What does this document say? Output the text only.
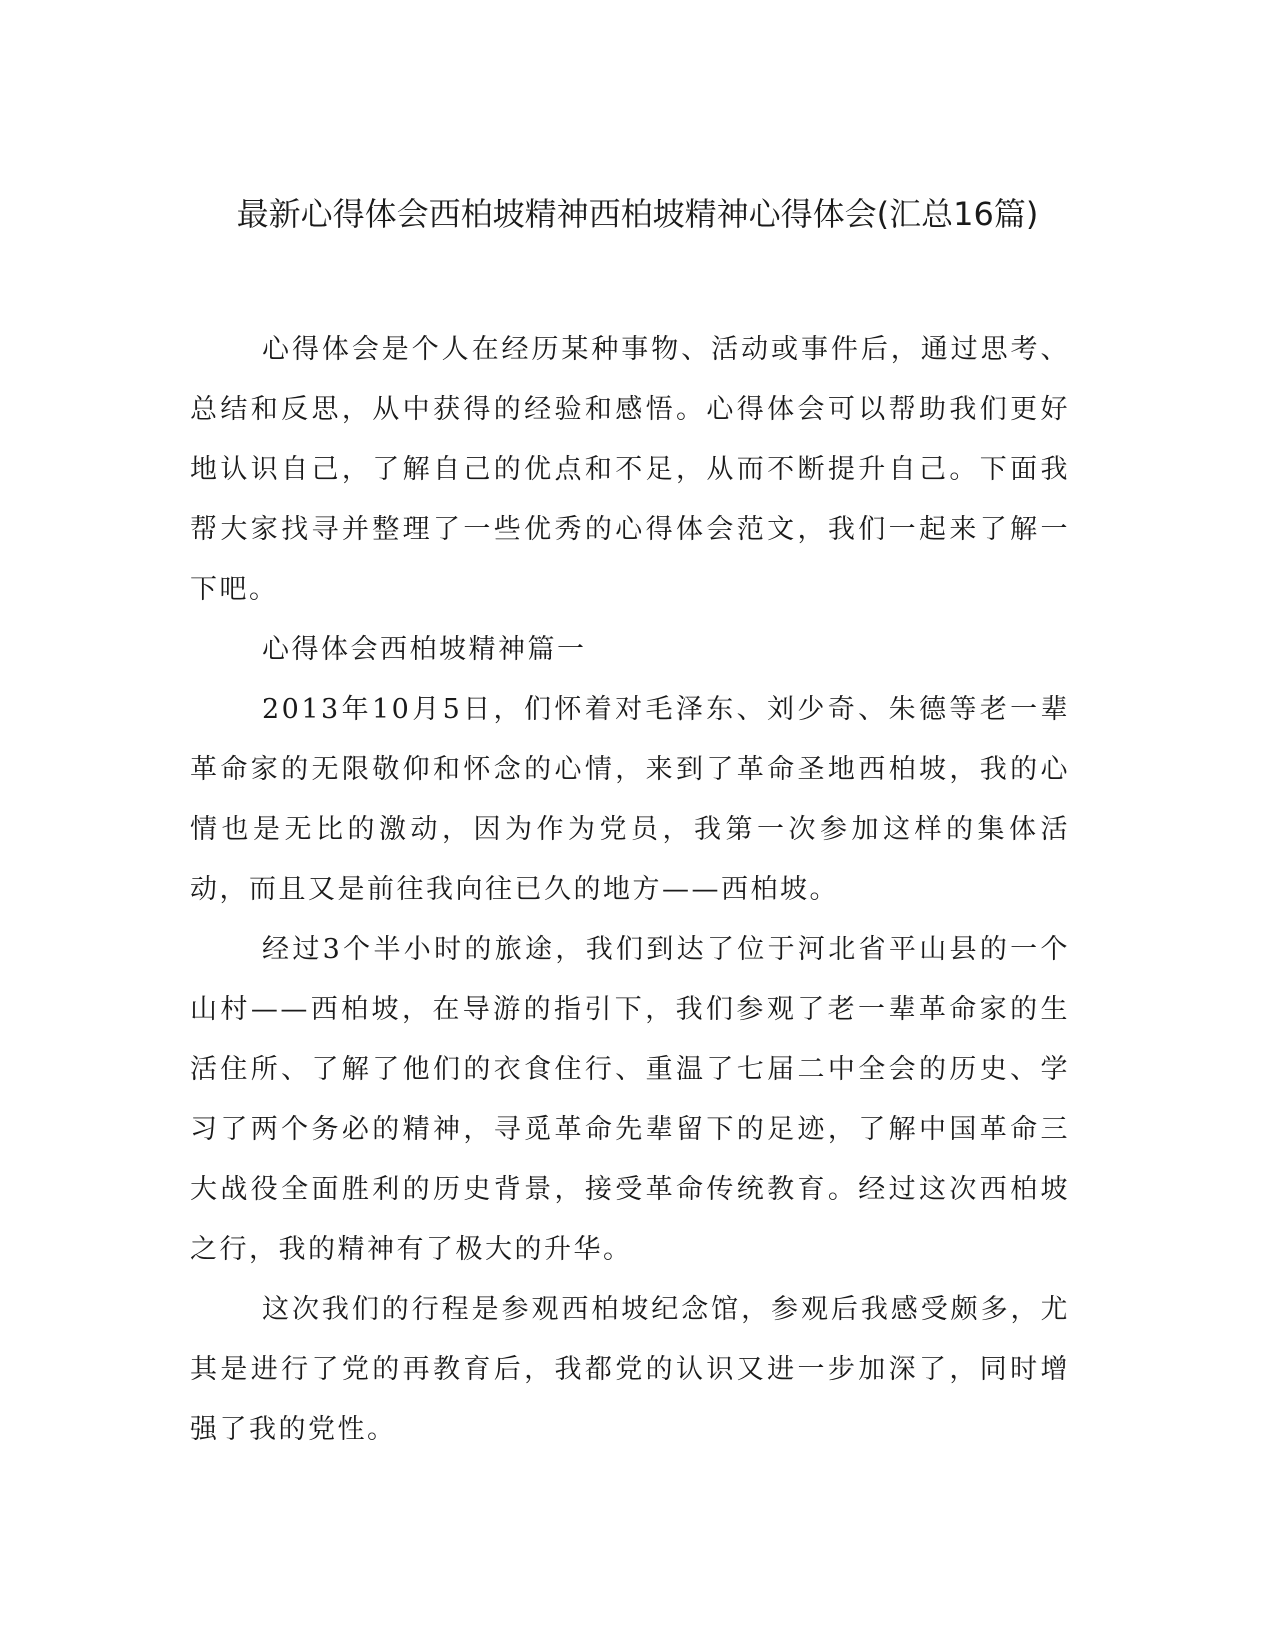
最新心得体会西柏坡精神西柏坡精神心得体会(汇总16篇)

心得体会是个人在经历某种事物、活动或事件后，通过思考、总结和反思，从中获得的经验和感悟。心得体会可以帮助我们更好地认识自己，了解自己的优点和不足，从而不断提升自己。下面我帮大家找寻并整理了一些优秀的心得体会范文，我们一起来了解一下吧。

心得体会西柏坡精神篇一

2013年10月5日，们怀着对毛泽东、刘少奇、朱德等老一辈革命家的无限敬仰和怀念的心情，来到了革命圣地西柏坡，我的心情也是无比的激动，因为作为党员，我第一次参加这样的集体活动，而且又是前往我向往已久的地方——西柏坡。

经过3个半小时的旅途，我们到达了位于河北省平山县的一个山村——西柏坡，在导游的指引下，我们参观了老一辈革命家的生活住所、了解了他们的衣食住行、重温了七届二中全会的历史、学习了两个务必的精神，寻觅革命先辈留下的足迹，了解中国革命三大战役全面胜利的历史背景，接受革命传统教育。经过这次西柏坡之行，我的精神有了极大的升华。

这次我们的行程是参观西柏坡纪念馆，参观后我感受颇多，尤其是进行了党的再教育后，我都党的认识又进一步加深了，同时增强了我的党性。
